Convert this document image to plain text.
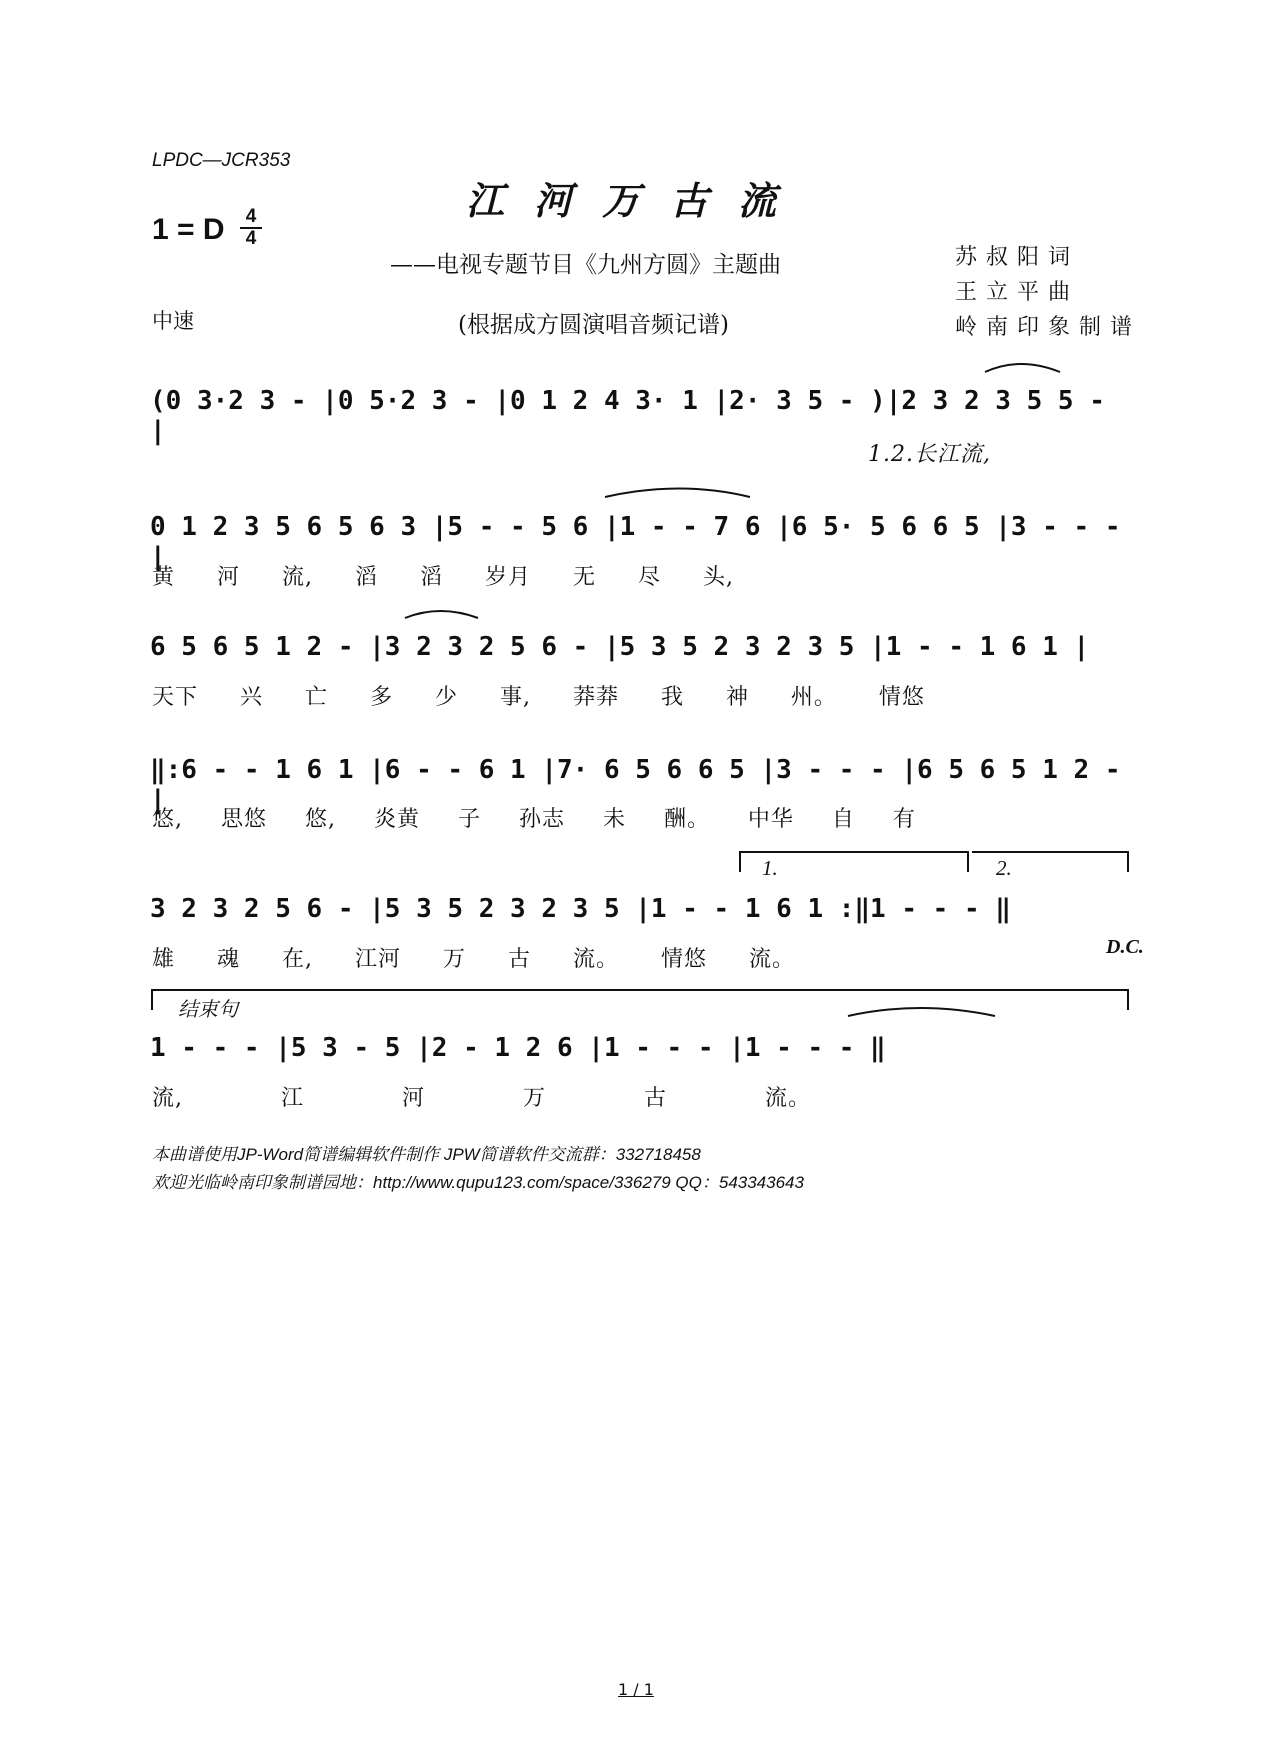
LPDC—JCR353
江河万古流
1 = D	4
4
——电视专题节目《九州方圆》主题曲
(根据成方圆演唱音频记谱)
中速
苏叔阳词
王立平曲
岭南印象制谱
(0 3·2 3 - |0 5·2 3 - |0 1 2 4 3· 1 |2· 3 5 - )|2 3 2 3 5 5 - |
1.2.长江流,
0 1 2 3 5 6 5 6 3 |5 - - 5 6 |1 - - 7 6 |6 5· 5 6 6 5 |3 - - - |
黄 河 流, 滔 滔 岁月 无 尽 头,
6 5 6 5 1 2 - |3 2 3 2 5 6 - |5 3 5 2 3 2 3 5 |1 - - 1 6 1 |
天下 兴 亡 多 少 事, 莽莽 我 神 州。 情悠
‖:6 - - 1 6 1 |6 - - 6 1 |7· 6 5 6 6 5 |3 - - - |6 5 6 5 1 2 - |
悠, 思悠 悠, 炎黄 子 孙志 未 酬。 中华 自 有
1.	2.
3 2 3 2 5 6 - |5 3 5 2 3 2 3 5 |1 - - 1 6 1 :‖1 - - - ‖
雄 魂 在, 江河 万 古 流。 情悠 流。	D.C.
结束句
1 - - - |5 3 - 5 |2 - 1 2 6 |1 - - - |1 - - - ‖
流, 江 河 万 古 流。
本曲谱使用JP-Word简谱编辑软件制作 JPW简谱软件交流群：332718458
欢迎光临岭南印象制谱园地：http://www.qupu123.com/space/336279 QQ：543343643
1 / 1
